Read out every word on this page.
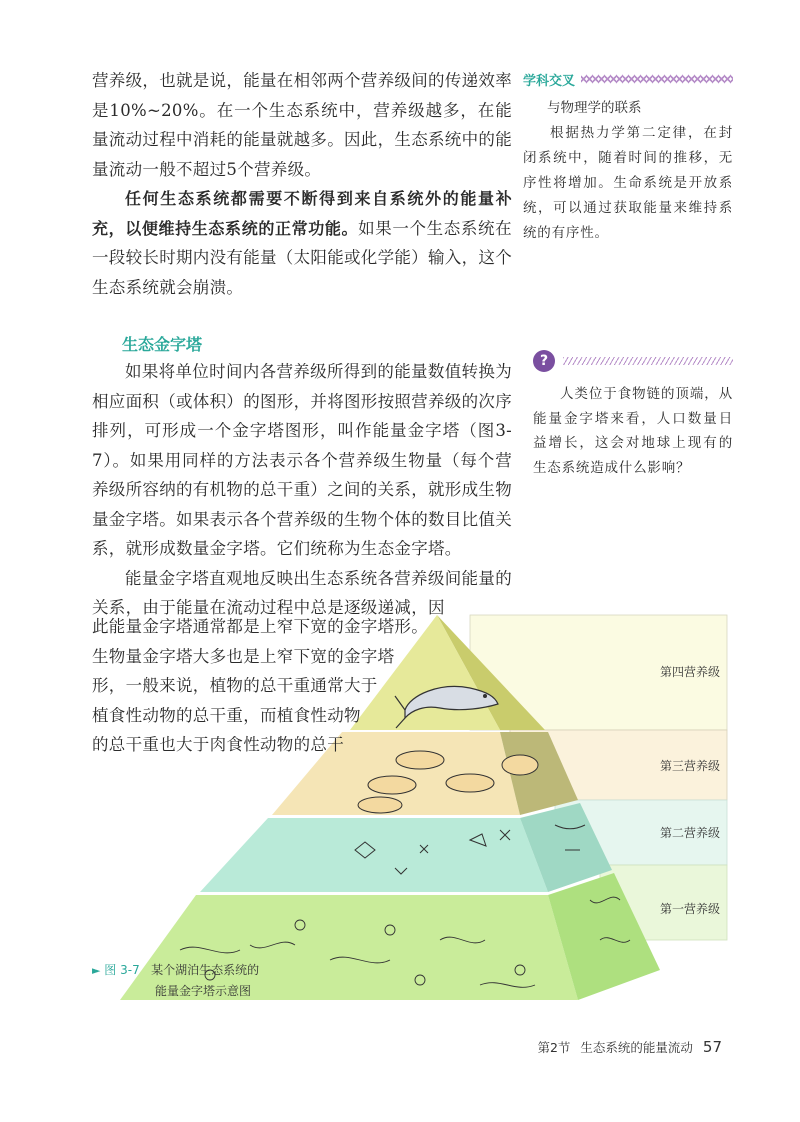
营养级，也就是说，能量在相邻两个营养级间的传递效率是10%~20%。在一个生态系统中，营养级越多，在能量流动过程中消耗的能量就越多。因此，生态系统中的能量流动一般不超过5个营养级。

任何生态系统都需要不断得到来自系统外的能量补充，以便维持生态系统的正常功能。如果一个生态系统在一段较长时期内没有能量（太阳能或化学能）输入，这个生态系统就会崩溃。

生态金字塔

如果将单位时间内各营养级所得到的能量数值转换为相应面积（或体积）的图形，并将图形按照营养级的次序排列，可形成一个金字塔图形，叫作能量金字塔（图3-7）。如果用同样的方法表示各个营养级生物量（每个营养级所容纳的有机物的总干重）之间的关系，就形成生物量金字塔。如果表示各个营养级的生物个体的数目比值关系，就形成数量金字塔。它们统称为生态金字塔。

能量金字塔直观地反映出生态系统各营养级间能量的关系，由于能量在流动过程中总是逐级递减，因

学科交叉
与物理学的联系

根据热力学第二定律，在封闭系统中，随着时间的推移，无序性将增加。生命系统是开放系统，可以通过获取能量来维持系统的有序性。

?

人类位于食物链的顶端，从能量金字塔来看，人口数量日益增长，这会对地球上现有的生态系统造成什么影响？

第四营养级
第三营养级
第二营养级
第一营养级
此能量金字塔通常都是上窄下宽的金字塔形。
生物量金字塔大多也是上窄下宽的金字塔
形，一般来说，植物的总干重通常大于
植食性动物的总干重，而植食性动物
的总干重也大于肉食性动物的总干
► 图 3-7 某个湖泊生态系统的
能量金字塔示意图
第2节 生态系统的能量流动 57
